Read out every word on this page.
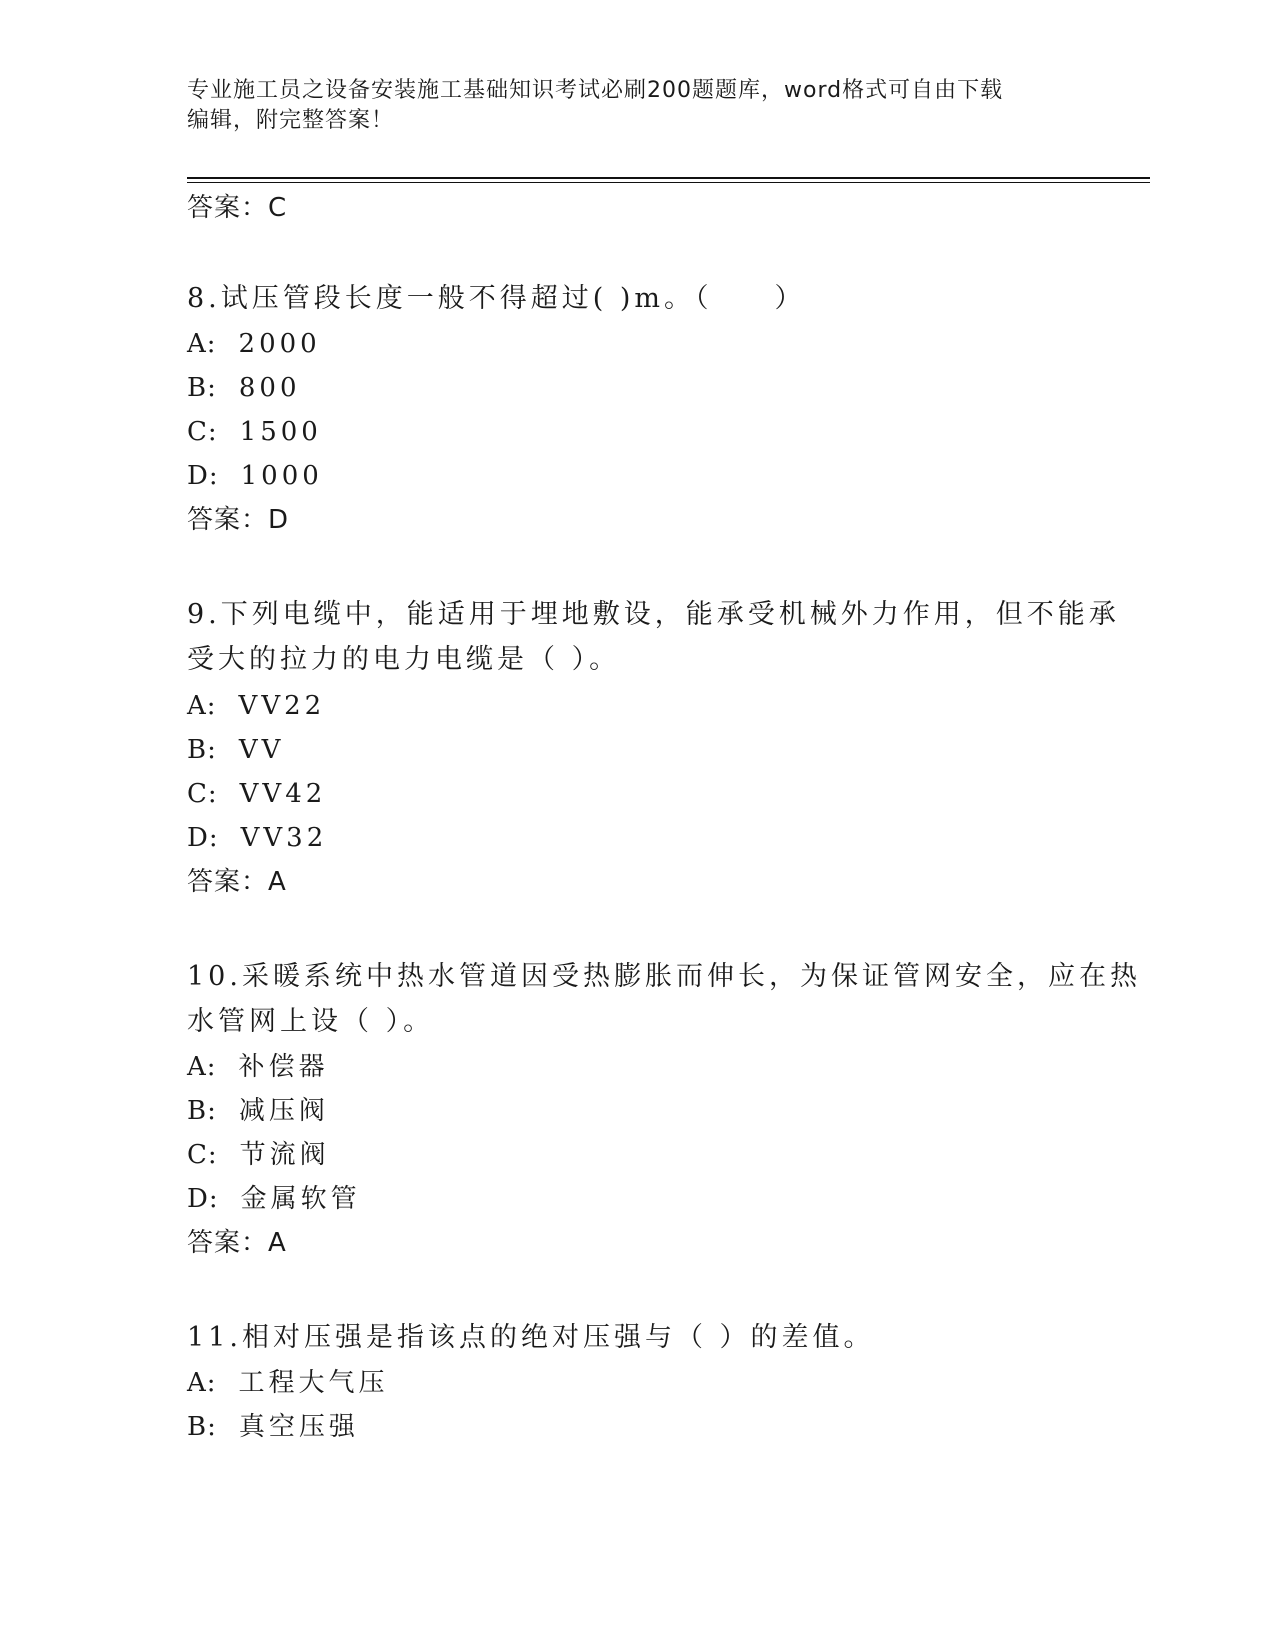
专业施工员之设备安装施工基础知识考试必刷200题题库，word格式可自由下载
编辑，附完整答案！
答案：C
8.试压管段长度一般不得超过( )m。（　　）
A: 2000
B: 800
C: 1500
D: 1000
答案：D
9.下列电缆中，能适用于埋地敷设，能承受机械外力作用，但不能承
受大的拉力的电力电缆是（ ）。
A: VV22
B: VV
C: VV42
D: VV32
答案：A
10.采暖系统中热水管道因受热膨胀而伸长，为保证管网安全，应在热
水管网上设（ ）。
A: 补偿器
B: 减压阀
C: 节流阀
D: 金属软管
答案：A
11.相对压强是指该点的绝对压强与（ ）的差值。
A: 工程大气压
B: 真空压强
